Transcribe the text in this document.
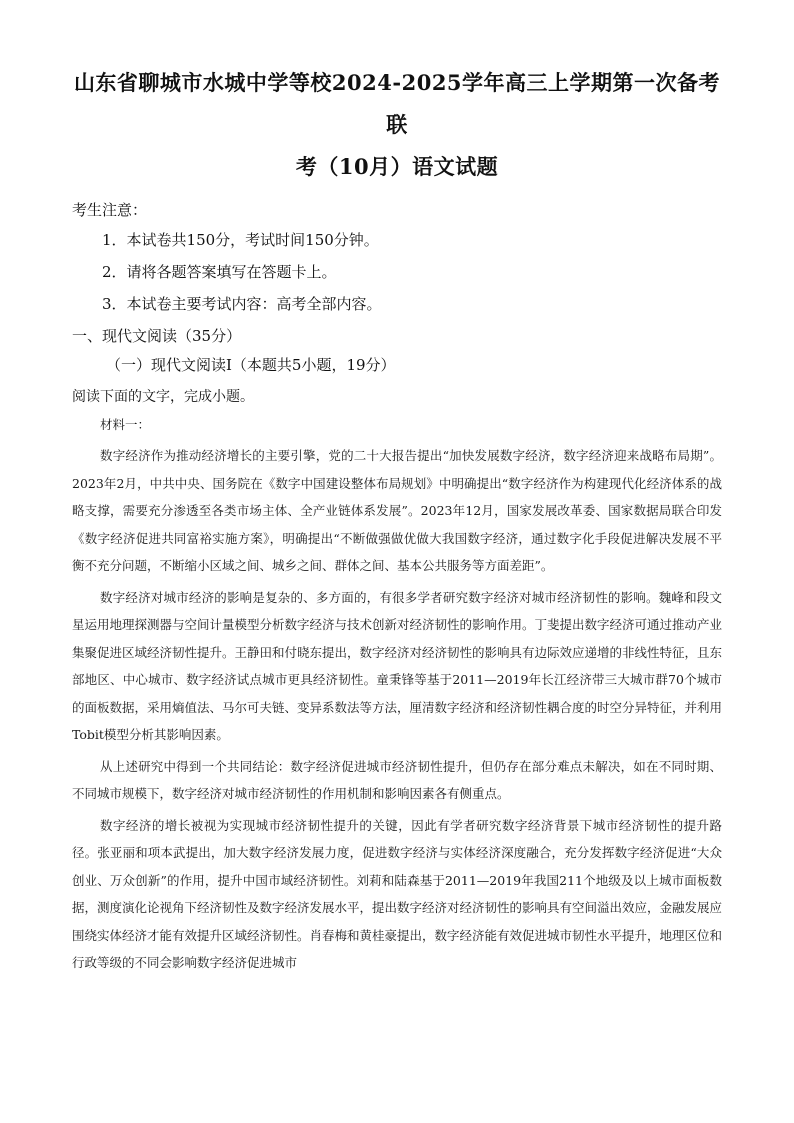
山东省聊城市水城中学等校2024-2025学年高三上学期第一次备考联
考（10月）语文试题
考生注意：
1．本试卷共150分，考试时间150分钟。
2．请将各题答案填写在答题卡上。
3．本试卷主要考试内容：高考全部内容。
一、现代文阅读（35分）
（一）现代文阅读Ⅰ（本题共5小题，19分）
阅读下面的文字，完成小题。
材料一：

数字经济作为推动经济增长的主要引擎，党的二十大报告提出“加快发展数字经济，数字经济迎来战略布局期”。2023年2月，中共中央、国务院在《数字中国建设整体布局规划》中明确提出“数字经济作为构建现代化经济体系的战略支撑，需要充分渗透至各类市场主体、全产业链体系发展”。2023年12月，国家发展改革委、国家数据局联合印发《数字经济促进共同富裕实施方案》，明确提出“不断做强做优做大我国数字经济，通过数字化手段促进解决发展不平衡不充分问题，不断缩小区域之间、城乡之间、群体之间、基本公共服务等方面差距”。

数字经济对城市经济的影响是复杂的、多方面的，有很多学者研究数字经济对城市经济韧性的影响。魏峰和段文星运用地理探测器与空间计量模型分析数字经济与技术创新对经济韧性的影响作用。丁斐提出数字经济可通过推动产业集聚促进区域经济韧性提升。王静田和付晓东提出，数字经济对经济韧性的影响具有边际效应递增的非线性特征，且东部地区、中心城市、数字经济试点城市更具经济韧性。童秉锋等基于2011—2019年长江经济带三大城市群70个城市的面板数据，采用熵值法、马尔可夫链、变异系数法等方法，厘清数字经济和经济韧性耦合度的时空分异特征，并利用Tobit模型分析其影响因素。

从上述研究中得到一个共同结论：数字经济促进城市经济韧性提升，但仍存在部分难点未解决，如在不同时期、不同城市规模下，数字经济对城市经济韧性的作用机制和影响因素各有侧重点。

数字经济的增长被视为实现城市经济韧性提升的关键，因此有学者研究数字经济背景下城市经济韧性的提升路径。张亚丽和项本武提出，加大数字经济发展力度，促进数字经济与实体经济深度融合，充分发挥数字经济促进“大众创业、万众创新”的作用，提升中国市域经济韧性。刘莉和陆森基于2011—2019年我国211个地级及以上城市面板数据，测度演化论视角下经济韧性及数字经济发展水平，提出数字经济对经济韧性的影响具有空间溢出效应，金融发展应围绕实体经济才能有效提升区域经济韧性。肖春梅和黄桂豪提出，数字经济能有效促进城市韧性水平提升，地理区位和行政等级的不同会影响数字经济促进城市
